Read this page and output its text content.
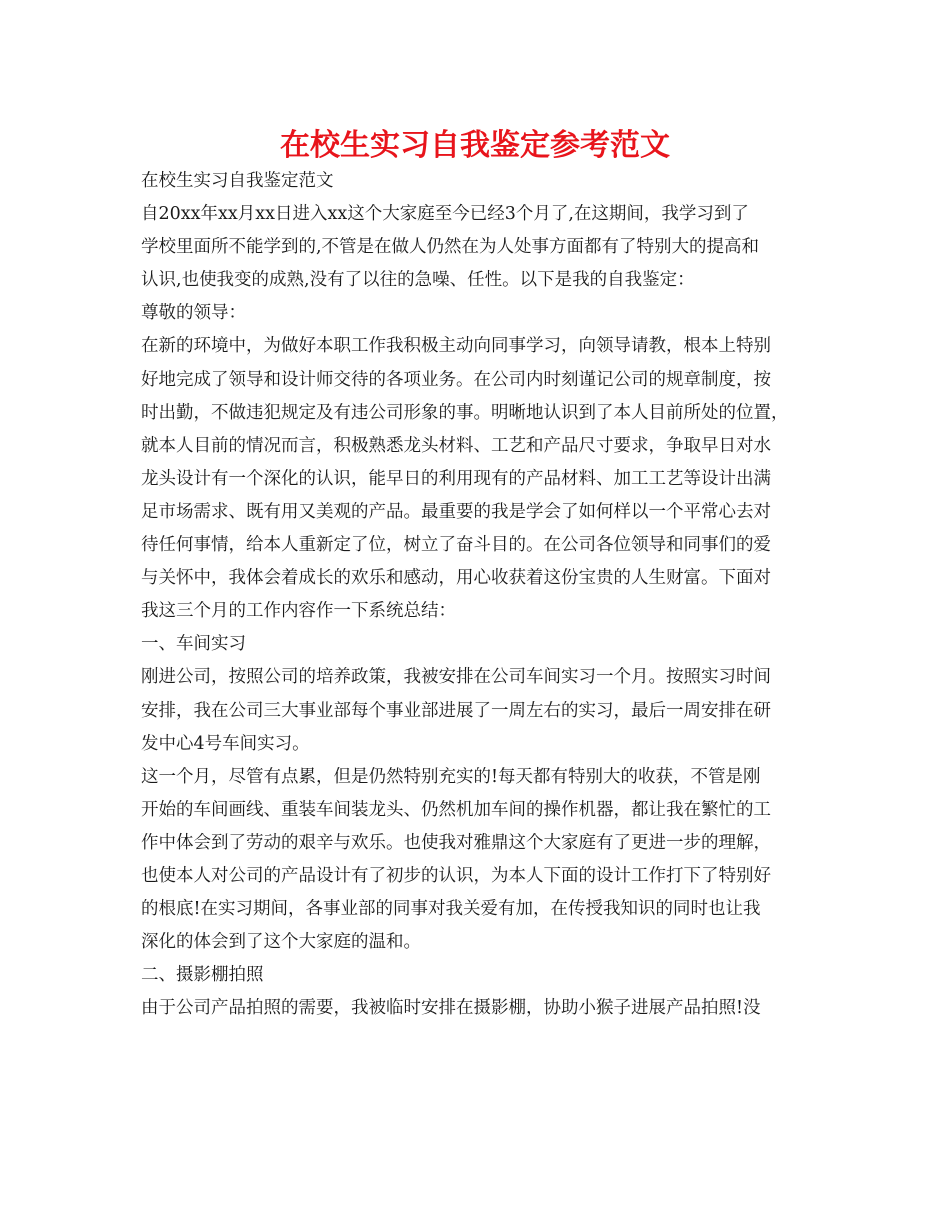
在校生实习自我鉴定参考范文
在校生实习自我鉴定范文
自20xx年xx月xx日进入xx这个大家庭至今已经3个月了,在这期间，我学习到了
学校里面所不能学到的,不管是在做人仍然在为人处事方面都有了特别大的提高和
认识,也使我变的成熟,没有了以往的急噪、任性。以下是我的自我鉴定：
尊敬的领导：
在新的环境中，为做好本职工作我积极主动向同事学习，向领导请教，根本上特别
好地完成了领导和设计师交待的各项业务。在公司内时刻谨记公司的规章制度，按
时出勤，不做违犯规定及有违公司形象的事。明晰地认识到了本人目前所处的位置，
就本人目前的情况而言，积极熟悉龙头材料、工艺和产品尺寸要求，争取早日对水
龙头设计有一个深化的认识，能早日的利用现有的产品材料、加工工艺等设计出满
足市场需求、既有用又美观的产品。最重要的我是学会了如何样以一个平常心去对
待任何事情，给本人重新定了位，树立了奋斗目的。在公司各位领导和同事们的爱
与关怀中，我体会着成长的欢乐和感动，用心收获着这份宝贵的人生财富。下面对
我这三个月的工作内容作一下系统总结：
一、车间实习
刚进公司，按照公司的培养政策，我被安排在公司车间实习一个月。按照实习时间
安排，我在公司三大事业部每个事业部进展了一周左右的实习，最后一周安排在研
发中心4号车间实习。
这一个月，尽管有点累，但是仍然特别充实的!每天都有特别大的收获，不管是刚
开始的车间画线、重装车间装龙头、仍然机加车间的操作机器，都让我在繁忙的工
作中体会到了劳动的艰辛与欢乐。也使我对雅鼎这个大家庭有了更进一步的理解，
也使本人对公司的产品设计有了初步的认识，为本人下面的设计工作打下了特别好
的根底!在实习期间，各事业部的同事对我关爱有加，在传授我知识的同时也让我
深化的体会到了这个大家庭的温和。
二、摄影棚拍照
由于公司产品拍照的需要，我被临时安排在摄影棚，协助小猴子进展产品拍照!没
